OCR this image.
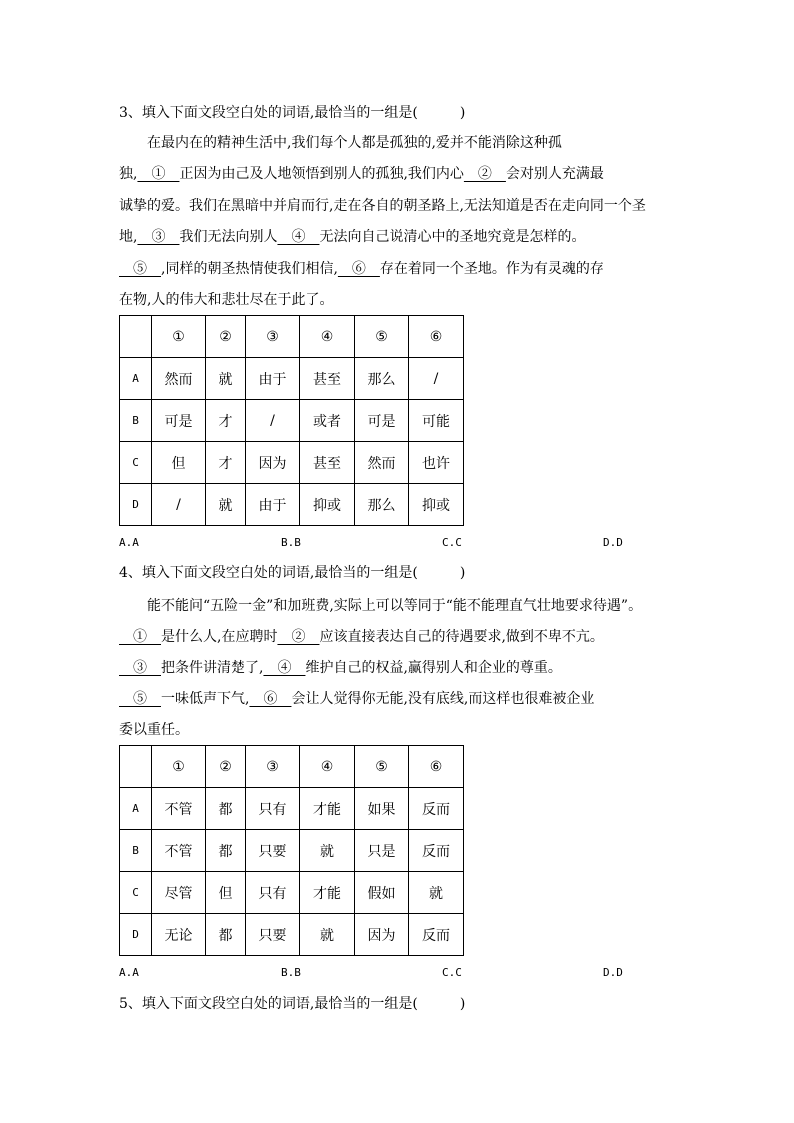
3、填入下面文段空白处的词语,最恰当的一组是(　　　)
在最内在的精神生活中,我们每个人都是孤独的,爱并不能消除这种孤
独,　①　正因为由己及人地领悟到别人的孤独,我们内心　②　会对别人充满最
诚挚的爱。我们在黑暗中并肩而行,走在各自的朝圣路上,无法知道是否在走向同一个圣
地,　③　我们无法向别人　④　无法向自己说清心中的圣地究竟是怎样的。
　⑤　,同样的朝圣热情使我们相信,　⑥　存在着同一个圣地。作为有灵魂的存
在物,人的伟大和悲壮尽在于此了。
	①	②	③	④	⑤	⑥
A	然而	就	由于	甚至	那么	/
B	可是	才	/	或者	可是	可能
C	但	才	因为	甚至	然而	也许
D	/	就	由于	抑或	那么	抑或
A.A	B.B	C.C	D.D
4、填入下面文段空白处的词语,最恰当的一组是(　　　)
能不能问“五险一金”和加班费,实际上可以等同于“能不能理直气壮地要求待遇”。
　①　是什么人,在应聘时　②　应该直接表达自己的待遇要求,做到不卑不亢。
　③　把条件讲清楚了,　④　维护自己的权益,赢得别人和企业的尊重。
　⑤　一味低声下气,　⑥　会让人觉得你无能,没有底线,而这样也很难被企业
委以重任。
	①	②	③	④	⑤	⑥
A	不管	都	只有	才能	如果	反而
B	不管	都	只要	就	只是	反而
C	尽管	但	只有	才能	假如	就
D	无论	都	只要	就	因为	反而
A.A	B.B	C.C	D.D
5、填入下面文段空白处的词语,最恰当的一组是(　　　)
